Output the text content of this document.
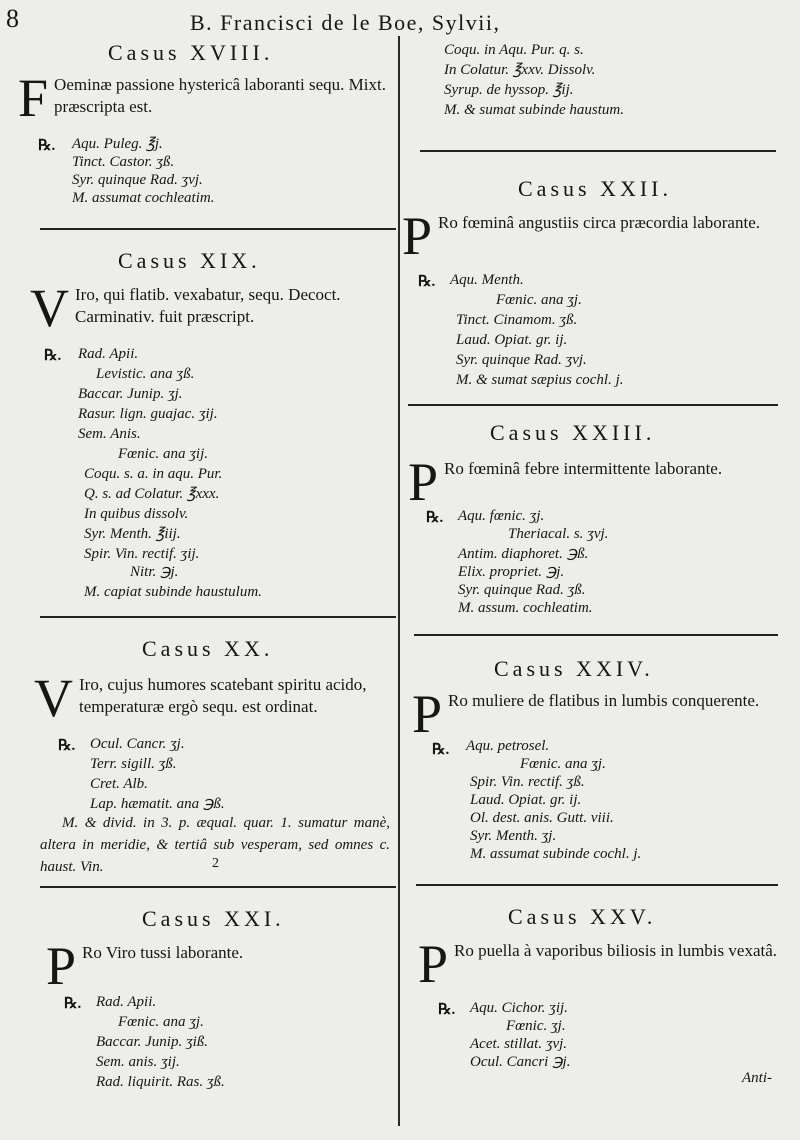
8	B. Francisci de le Boe, Sylvii,
Casus XVIII.
F Oeminæ passione hystericâ laboranti sequ. Mixt. præscripta est.
℞. Aqu. Puleg. ℥j.
Tinct. Castor. ʒß.
Syr. quinque Rad. ʒvj.
M. assumat cochleatim.
Casus XIX.
V Iro, qui flatib. vexabatur, sequ. Decoct. Carminativ. fuit præscript.
℞. Rad. Apii.
Levistic. ana ʒß.
Baccar. Junip. ʒj.
Rasur. lign. guajac. ʒij.
Sem. Anis.
Fœnic. ana ʒij.
Coqu. s. a. in aqu. Pur.
Q. s. ad Colatur. ℥xxx.
In quibus dissolv.
Syr. Menth. ℥iij.
Spir. Vin. rectif. ʒij.
Nitr. ℈j.
M. capiat subinde haustulum.
Casus XX.
V Iro, cujus humores scatebant spiritu acido, temperaturæ ergò sequ. est ordinat.
℞. Ocul. Cancr. ʒj.
Terr. sigill. ʒß.
Cret. Alb.
Lap. hæmatit. ana ℈ß.
M. & divid. in 3. p. æqual. quar. 1. sumatur manè, altera in meridie, & tertiâ sub vesperam, sed omnes c. haust. Vin.	2
Casus XXI.
P Ro Viro tussi laborante.
℞. Rad. Apii.
Fœnic. ana ʒj.
Baccar. Junip. ʒiß.
Sem. anis. ʒij.
Rad. liquirit. Ras. ʒß.
Coqu. in Aqu. Pur. q. s.
In Colatur. ℥xxv. Dissolv.
Syrup. de hyssop. ℥ij.
M. & sumat subinde haustum.
Casus XXII.
P Ro fœminâ angustiis circa præcordia laborante.
℞. Aqu. Menth.
Fœnic. ana ʒj.
Tinct. Cinamom. ʒß.
Laud. Opiat. gr. ij.
Syr. quinque Rad. ʒvj.
M. & sumat sæpius cochl. j.
Casus XXIII.
P Ro fœminâ febre intermittente laborante.
℞. Aqu. fœnic. ʒj.
Theriacal. s. ʒvj.
Antim. diaphoret. ℈ß.
Elix. propriet. ℈j.
Syr. quinque Rad. ʒß.
M. assum. cochleatim.
Casus XXIV.
P Ro muliere de flatibus in lumbis conquerente.
℞. Aqu. petrosel.
Fœnic. ana ʒj.
Spir. Vin. rectif. ʒß.
Laud. Opiat. gr. ij.
Ol. dest. anis. Gutt. viii.
Syr. Menth. ʒj.
M. assumat subinde cochl. j.
Casus XXV.
P Ro puella à vaporibus biliosis in lumbis vexatâ.
℞. Aqu. Cichor. ʒij.
Fœnic. ʒj.
Acet. stillat. ʒvj.
Ocul. Cancri ℈j.
Anti-
